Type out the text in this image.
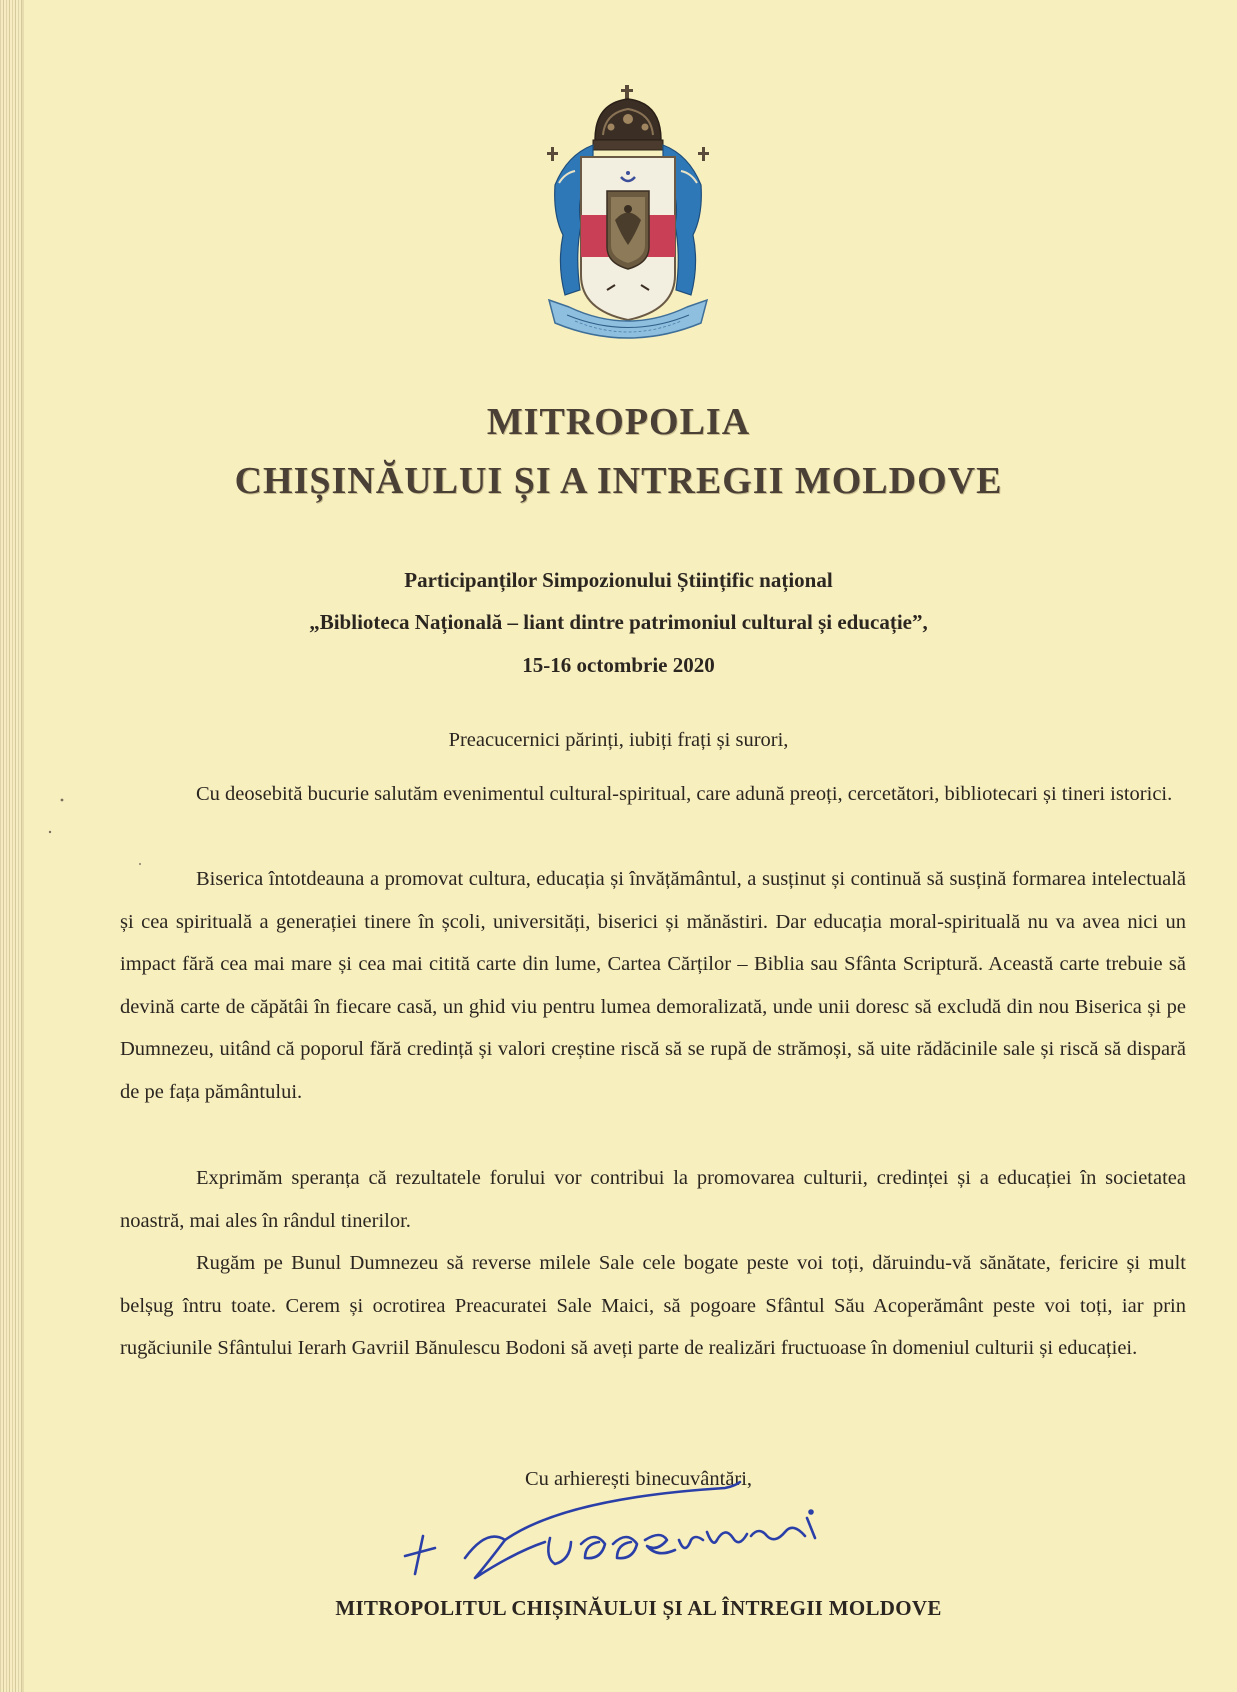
MITROPOLIA
CHIȘINĂULUI ȘI A INTREGII MOLDOVE
Participanților Simpozionului Științific național
„Biblioteca Națională – liant dintre patrimoniul cultural și educație”,
15-16 octombrie 2020
Preacucernici părinți, iubiți frați și surori,

Cu deosebită bucurie salutăm evenimentul cultural-spiritual, care adună preoți, cercetători, bibliotecari și tineri istorici.

Biserica întotdeauna a promovat cultura, educația și învățământul, a susținut și continuă să susțină formarea intelectuală și cea spirituală a generației tinere în școli, universități, biserici și mănăstiri. Dar educația moral-spirituală nu va avea nici un impact fără cea mai mare și cea mai citită carte din lume, Cartea Cărților – Biblia sau Sfânta Scriptură. Această carte trebuie să devină carte de căpătâi în fiecare casă, un ghid viu pentru lumea demoralizată, unde unii doresc să excludă din nou Biserica și pe Dumnezeu, uitând că poporul fără credință și valori creștine riscă să se rupă de strămoși, să uite rădăcinile sale și riscă să dispară de pe fața pământului.

Exprimăm speranța că rezultatele forului vor contribui la promovarea culturii, credinței și a educației în societatea noastră, mai ales în rândul tinerilor.

Rugăm pe Bunul Dumnezeu să reverse milele Sale cele bogate peste voi toți, dăruindu-vă sănătate, fericire și mult belșug întru toate. Cerem și ocrotirea Preacuratei Sale Maici, să pogoare Sfântul Său Acoperământ peste voi toți, iar prin rugăciunile Sfântului Ierarh Gavriil Bănulescu Bodoni să aveți parte de realizări fructuoase în domeniul culturii și educației.

Cu arhierești binecuvântări,
MITROPOLITUL CHIȘINĂULUI ȘI AL ÎNTREGII MOLDOVE
